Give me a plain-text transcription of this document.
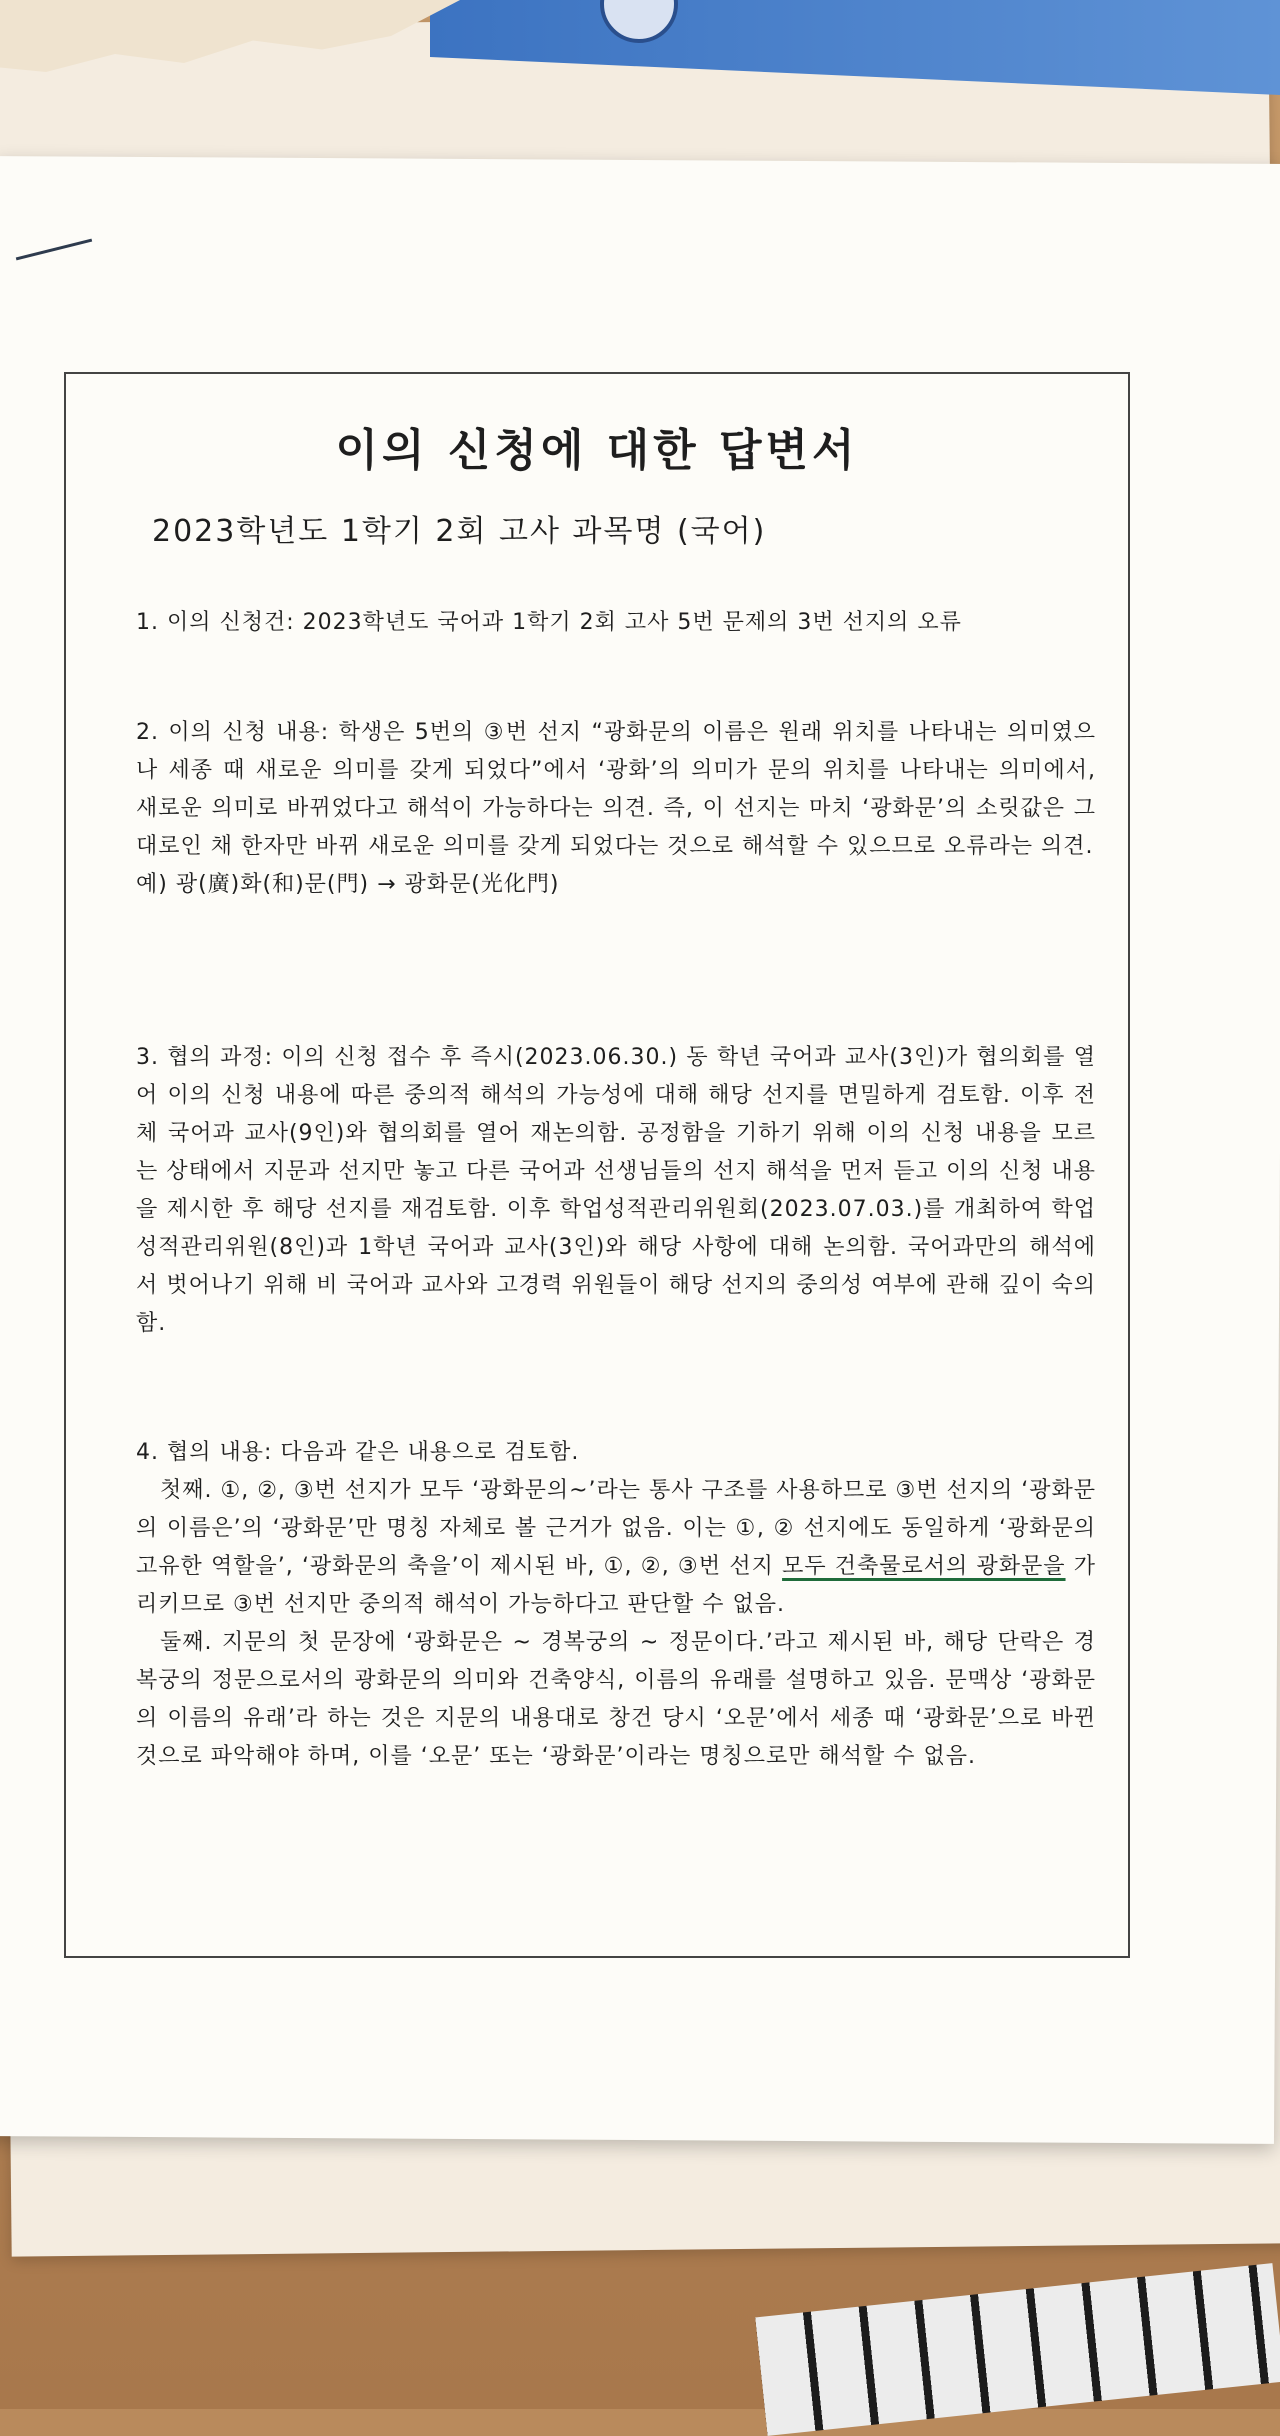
이의 신청에 대한 답변서
2023학년도 1학기 2회 고사 과목명 (국어)

1. 이의 신청건: 2023학년도 국어과 1학기 2회 고사 5번 문제의 3번 선지의 오류

2. 이의 신청 내용: 학생은 5번의 ③번 선지 “광화문의 이름은 원래 위치를 나타내는 의미였으나 세종 때 새로운 의미를 갖게 되었다”에서 ‘광화’의 의미가 문의 위치를 나타내는 의미에서, 새로운 의미로 바뀌었다고 해석이 가능하다는 의견. 즉, 이 선지는 마치 ‘광화문’의 소릿값은 그대로인 채 한자만 바뀌 새로운 의미를 갖게 되었다는 것으로 해석할 수 있으므로 오류라는 의견.

예) 광(廣)화(和)문(門) → 광화문(光化門)

3. 협의 과정: 이의 신청 접수 후 즉시(2023.06.30.) 동 학년 국어과 교사(3인)가 협의회를 열어 이의 신청 내용에 따른 중의적 해석의 가능성에 대해 해당 선지를 면밀하게 검토함. 이후 전체 국어과 교사(9인)와 협의회를 열어 재논의함. 공정함을 기하기 위해 이의 신청 내용을 모르는 상태에서 지문과 선지만 놓고 다른 국어과 선생님들의 선지 해석을 먼저 듣고 이의 신청 내용을 제시한 후 해당 선지를 재검토함. 이후 학업성적관리위원회(2023.07.03.)를 개최하여 학업성적관리위원(8인)과 1학년 국어과 교사(3인)와 해당 사항에 대해 논의함. 국어과만의 해석에서 벗어나기 위해 비 국어과 교사와 고경력 위원들이 해당 선지의 중의성 여부에 관해 깊이 숙의함.

4. 협의 내용: 다음과 같은 내용으로 검토함.

첫째. ①, ②, ③번 선지가 모두 ‘광화문의~’라는 통사 구조를 사용하므로 ③번 선지의 ‘광화문의 이름은’의 ‘광화문’만 명칭 자체로 볼 근거가 없음. 이는 ①, ② 선지에도 동일하게 ‘광화문의 고유한 역할을’, ‘광화문의 축을’이 제시된 바, ①, ②, ③번 선지 모두 건축물로서의 광화문을 가리키므로 ③번 선지만 중의적 해석이 가능하다고 판단할 수 없음.

둘째. 지문의 첫 문장에 ‘광화문은 ~ 경복궁의 ~ 정문이다.’라고 제시된 바, 해당 단락은 경복궁의 정문으로서의 광화문의 의미와 건축양식, 이름의 유래를 설명하고 있음. 문맥상 ‘광화문의 이름의 유래’라 하는 것은 지문의 내용대로 창건 당시 ‘오문’에서 세종 때 ‘광화문’으로 바뀐 것으로 파악해야 하며, 이를 ‘오문’ 또는 ‘광화문’이라는 명칭으로만 해석할 수 없음.
